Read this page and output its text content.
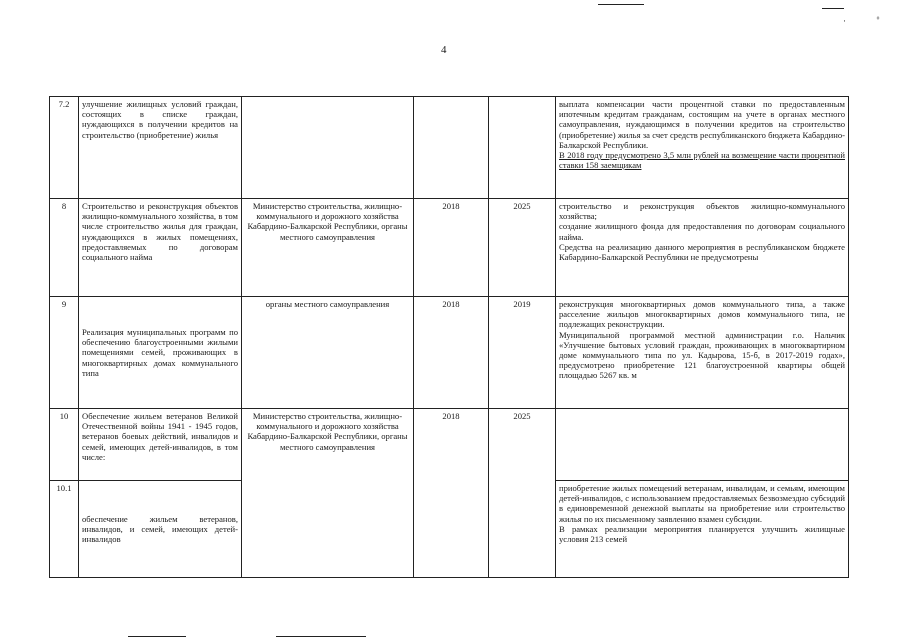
·
4
7.2	улучшение жилищных условий граждан, состоящих в списке граждан, нуждающихся в получении кредитов на строительство (приобретение) жилья				выплата компенсации части процентной ставки по предоставленным ипотечным кредитам гражданам, состоящим на учете в органах местного самоуправления, нуждающимся в получении кредитов на строительство (приобретение) жилья за счет средств республиканского бюджета Кабардино-Балкарской Республики.
В 2018 году предусмотрено 3,5 млн рублей на возмещение части процентной ставки 158 заемщикам

8	Строительство и реконструкция объектов жилищно-коммунального хозяйства, в том числе строительство жилья для граждан, нуждающихся в жилых помещениях, предоставляемых по договорам социального найма	Министерство строительства, жилищно-коммунального и дорожного хозяйства Кабардино-Балкарской Республики, органы местного самоуправления	2018	2025	строительство и реконструкция объектов жилищно-коммунального хозяйства;
создание жилищного фонда для предоставления по договорам социального найма.
Средства на реализацию данного мероприятия в республиканском бюджете Кабардино-Балкарской Республики не предусмотрены

9	Реализация муниципальных программ по обеспечению благоустроенными жилыми помещениями семей, проживающих в многоквартирных домах коммунального типа	органы местного самоуправления	2018	2019	реконструкция многоквартирных домов коммунального типа, а также расселение жильцов многоквартирных домов коммунального типа, не подлежащих реконструкции.
Муниципальной программой местной администрации г.о. Нальчик «Улучшение бытовых условий граждан, проживающих в многоквартирном доме коммунального типа по ул. Кадырова, 15-б, в 2017-2019 годах», предусмотрено приобретение 121 благоустроенной квартиры общей площадью 5267 кв. м

10	Обеспечение жильем ветеранов Великой Отечественной войны 1941 - 1945 годов, ветеранов боевых действий, инвалидов и семей, имеющих детей-инвалидов, в том числе:	Министерство строительства, жилищно-коммунального и дорожного хозяйства Кабардино-Балкарской Республики, органы местного самоуправления	2018	2025	
10.1	обеспечение жильем ветеранов, инвалидов, и семей, имеющих детей-инвалидов				приобретение жилых помещений ветеранам, инвалидам, и семьям, имеющим детей-инвалидов, с использованием предоставляемых безвозмездно субсидий в единовременной денежной выплаты на приобретение или строительство жилья по их письменному заявлению взамен субсидии.
В рамках реализации мероприятия планируется улучшить жилищные условия 213 семей
